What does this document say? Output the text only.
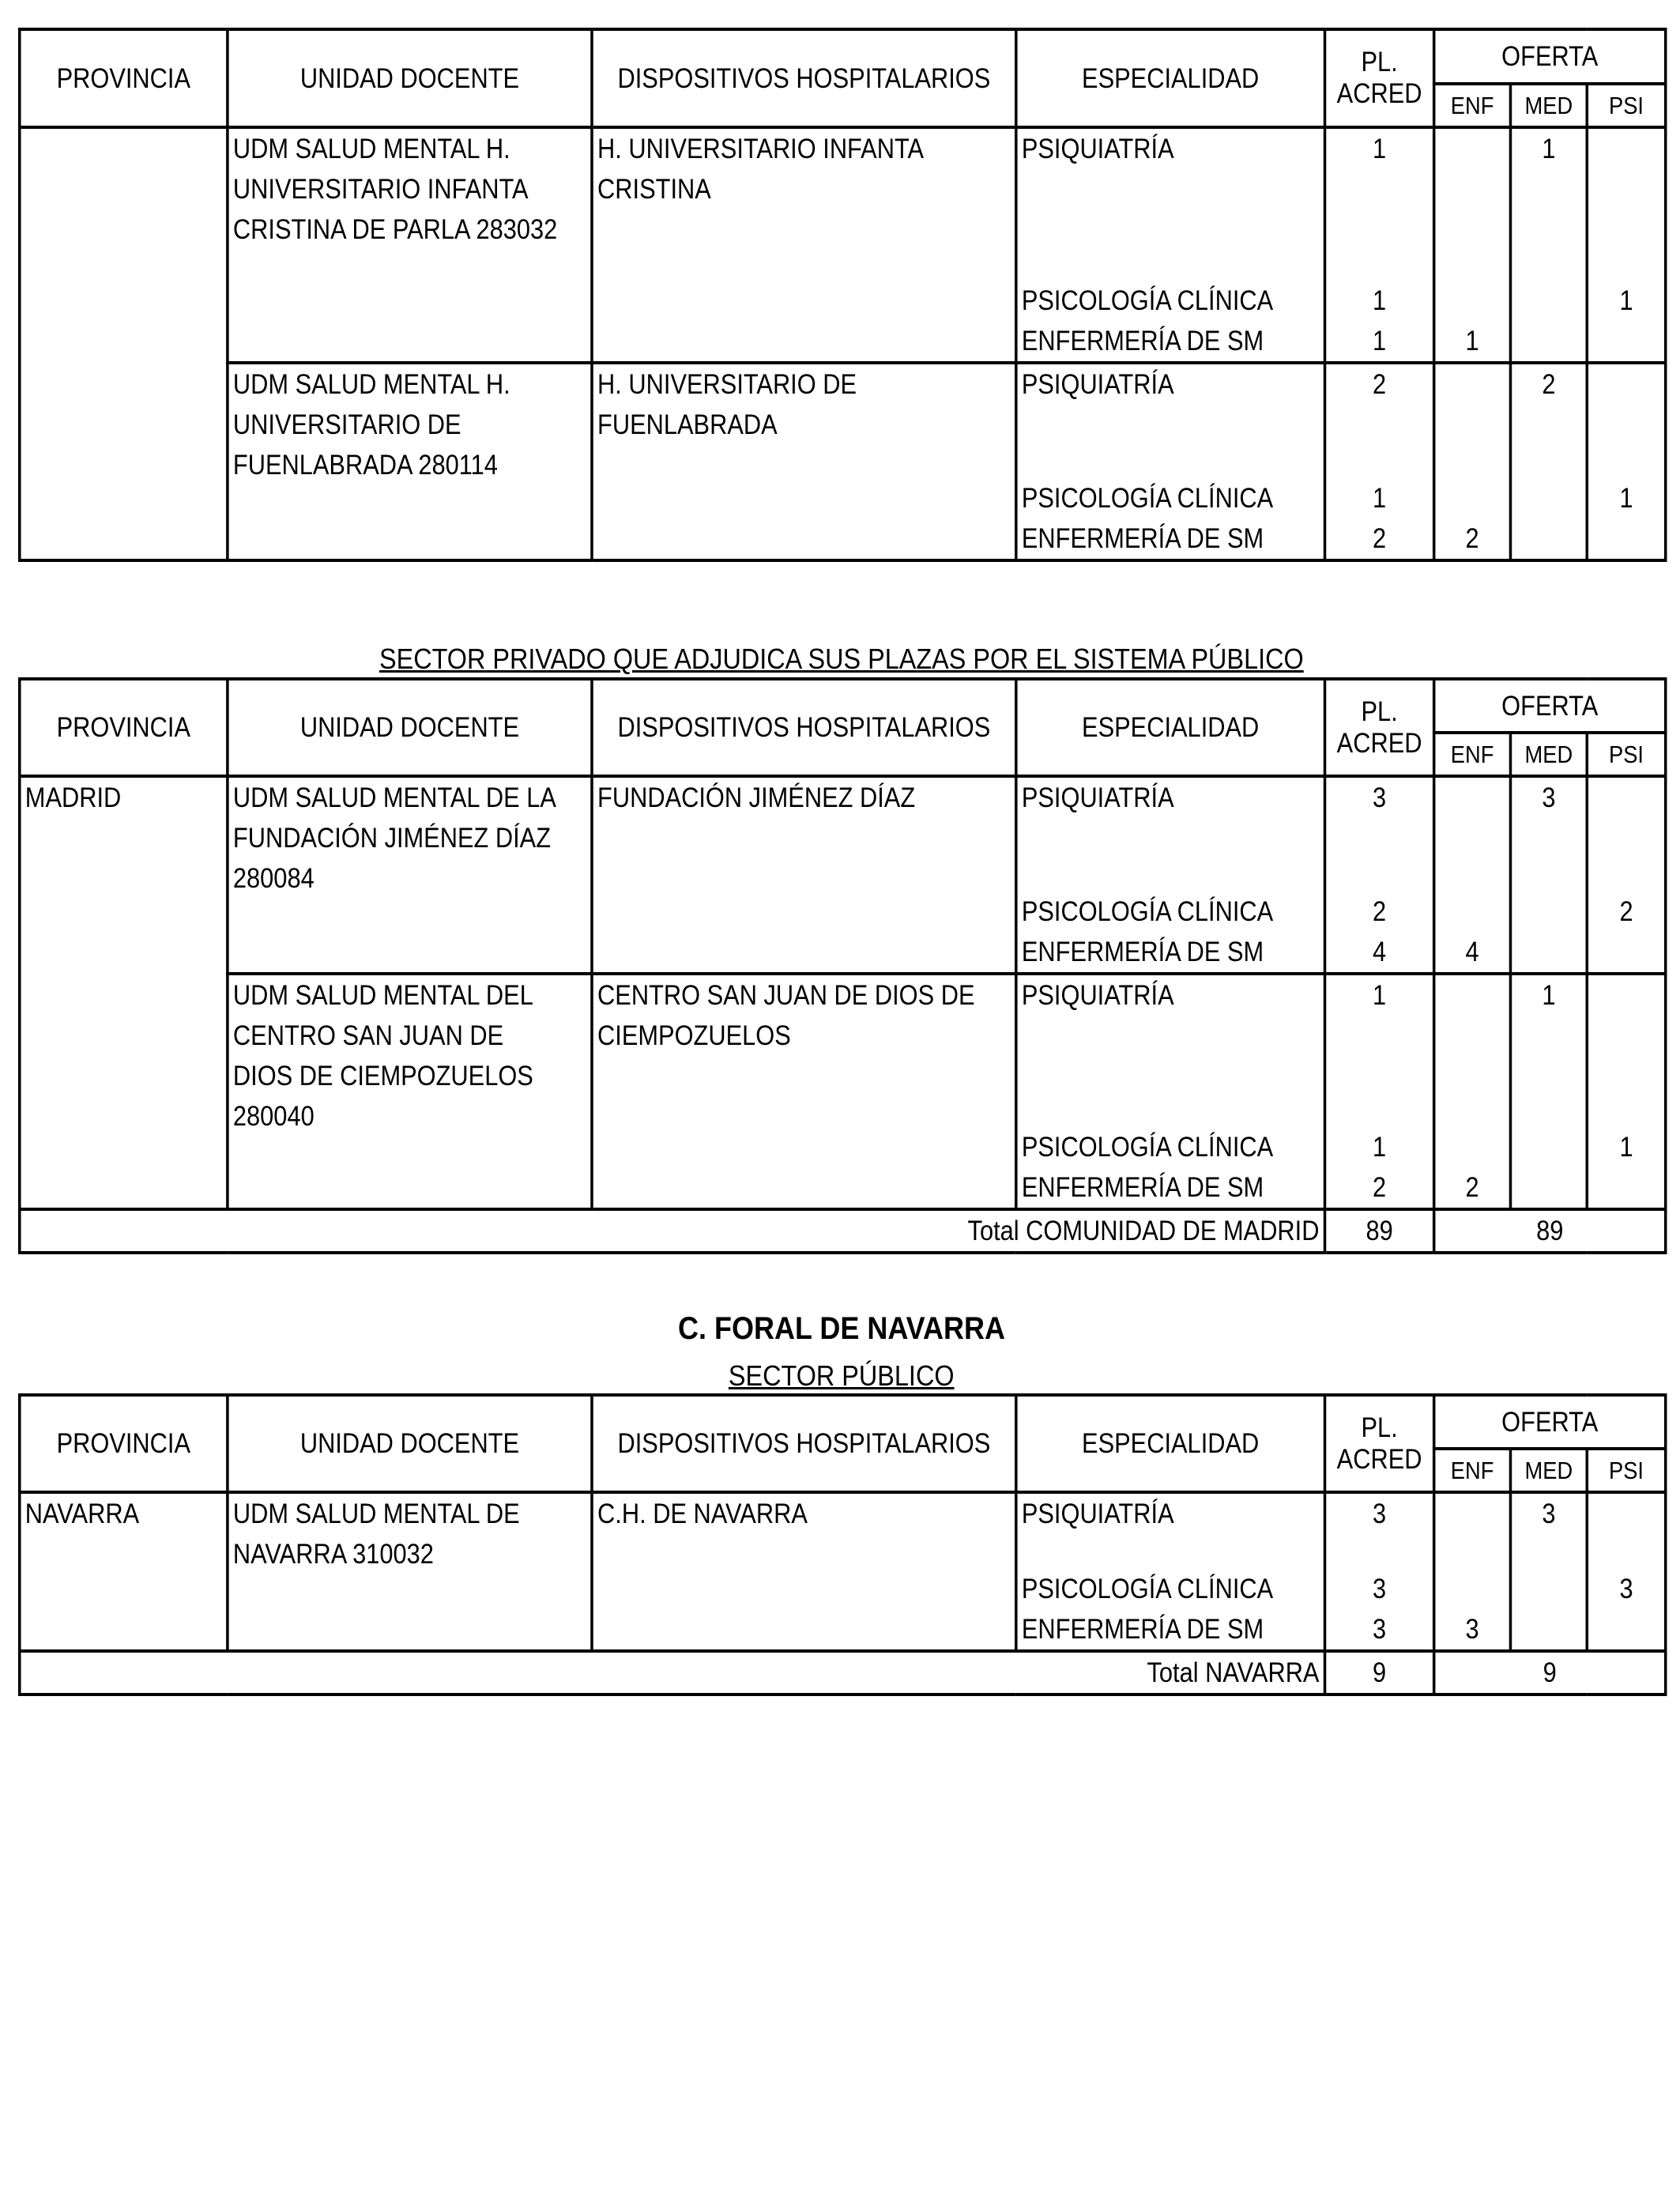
PROVINCIA	UNIDAD DOCENTE	DISPOSITIVOS HOSPITALARIOS	ESPECIALIDAD	PL.
ACRED	OFERTA		
					ENF	MED	PSI
	UDM SALUD MENTAL H.
UNIVERSITARIO INFANTA
CRISTINA DE PARLA 283032	H. UNIVERSITARIO INFANTA
CRISTINA	PSIQUIATRÍA	1		1	
			PSICOLOGÍA CLÍNICA	1			1
			ENFERMERÍA DE SM	1	1		
	UDM SALUD MENTAL H.
UNIVERSITARIO DE
FUENLABRADA 280114	H. UNIVERSITARIO DE
FUENLABRADA	PSIQUIATRÍA	2		2	
			PSICOLOGÍA CLÍNICA	1			1
			ENFERMERÍA DE SM	2	2		
SECTOR PRIVADO QUE ADJUDICA SUS PLAZAS POR EL SISTEMA PÚBLICO
PROVINCIA	UNIDAD DOCENTE	DISPOSITIVOS HOSPITALARIOS	ESPECIALIDAD	PL.
ACRED	OFERTA		
					ENF	MED	PSI
MADRID	UDM SALUD MENTAL DE LA
FUNDACIÓN JIMÉNEZ DÍAZ
280084	FUNDACIÓN JIMÉNEZ DÍAZ	PSIQUIATRÍA	3		3	
			PSICOLOGÍA CLÍNICA	2			2
			ENFERMERÍA DE SM	4	4		
	UDM SALUD MENTAL DEL
CENTRO SAN JUAN DE
DIOS DE CIEMPOZUELOS
280040	CENTRO SAN JUAN DE DIOS DE
CIEMPOZUELOS	PSIQUIATRÍA	1		1	
			PSICOLOGÍA CLÍNICA	1			1
			ENFERMERÍA DE SM	2	2		
Total COMUNIDAD DE MADRID				89	89		
C. FORAL DE NAVARRA
SECTOR PÚBLICO
PROVINCIA	UNIDAD DOCENTE	DISPOSITIVOS HOSPITALARIOS	ESPECIALIDAD	PL.
ACRED	OFERTA		
					ENF	MED	PSI
NAVARRA	UDM SALUD MENTAL DE
NAVARRA 310032	C.H. DE NAVARRA	PSIQUIATRÍA	3		3	
			PSICOLOGÍA CLÍNICA	3			3
			ENFERMERÍA DE SM	3	3		
Total NAVARRA				9	9		
